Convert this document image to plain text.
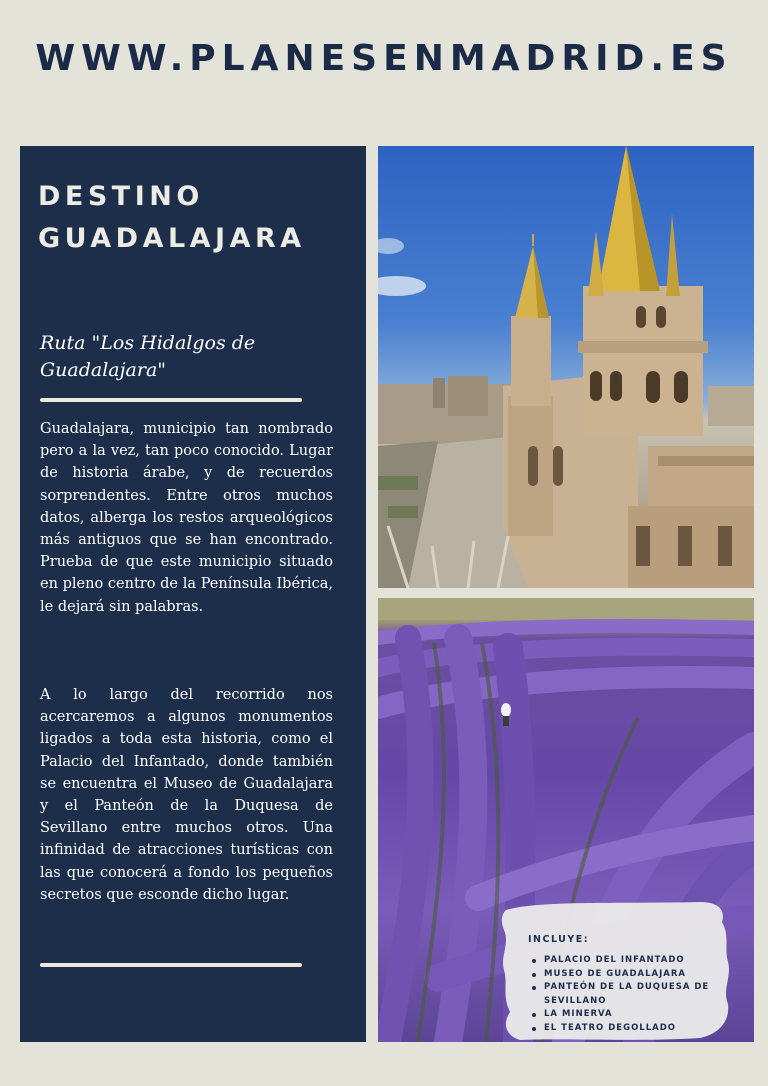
WWW.PLANESENMADRID.ES
DESTINO
GUADALAJARA
Ruta "Los Hidalgos de Guadalajara"
Guadalajara, municipio tan nombrado pero a la vez, tan poco conocido. Lugar de historia árabe, y de recuerdos sorprendentes. Entre otros muchos datos, alberga los restos arqueológicos más antiguos que se han encontrado. Prueba de que este municipio situado en pleno centro de la Península Ibérica, le dejará sin palabras.
A lo largo del recorrido nos acercaremos a algunos monumentos ligados a toda esta historia, como el Palacio del Infantado, donde también se encuentra el Museo de Guadalajara y el Panteón de la Duquesa de Sevillano entre muchos otros. Una infinidad de atracciones turísticas con las que conocerá a fondo los pequeños secretos que esconde dicho lugar.
INCLUYE:
PALACIO DEL INFANTADO
MUSEO DE GUADALAJARA
PANTEÓN DE LA DUQUESA DE SEVILLANO
LA MINERVA
EL TEATRO DEGOLLADO
